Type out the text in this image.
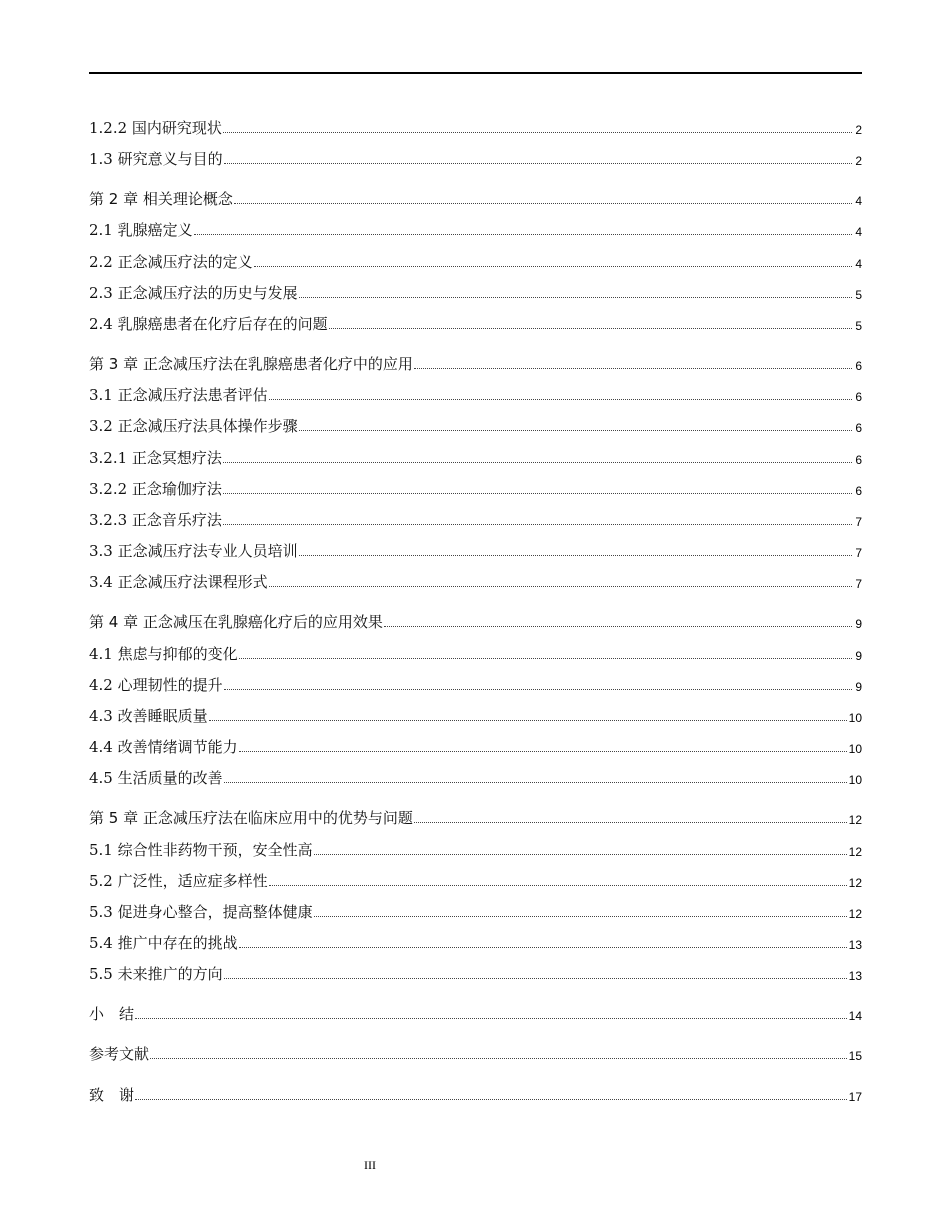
1.2.2 国内研究现状	2
1.3 研究意义与目的	2
第 2 章 相关理论概念	4
2.1 乳腺癌定义	4
2.2 正念减压疗法的定义	4
2.3 正念减压疗法的历史与发展	5
2.4 乳腺癌患者在化疗后存在的问题	5
第 3 章 正念减压疗法在乳腺癌患者化疗中的应用	6
3.1 正念减压疗法患者评估	6
3.2 正念减压疗法具体操作步骤	6
3.2.1 正念冥想疗法	6
3.2.2 正念瑜伽疗法	6
3.2.3 正念音乐疗法	7
3.3 正念减压疗法专业人员培训	7
3.4 正念减压疗法课程形式	7
第 4 章 正念减压在乳腺癌化疗后的应用效果	9
4.1 焦虑与抑郁的变化	9
4.2 心理韧性的提升	9
4.3 改善睡眠质量	10
4.4 改善情绪调节能力	10
4.5 生活质量的改善	10
第 5 章 正念减压疗法在临床应用中的优势与问题	12
5.1 综合性非药物干预，安全性高	12
5.2 广泛性，适应症多样性	12
5.3 促进身心整合，提高整体健康	12
5.4 推广中存在的挑战	13
5.5 未来推广的方向	13
小　结	14
参考文献	15
致　谢	17
III
